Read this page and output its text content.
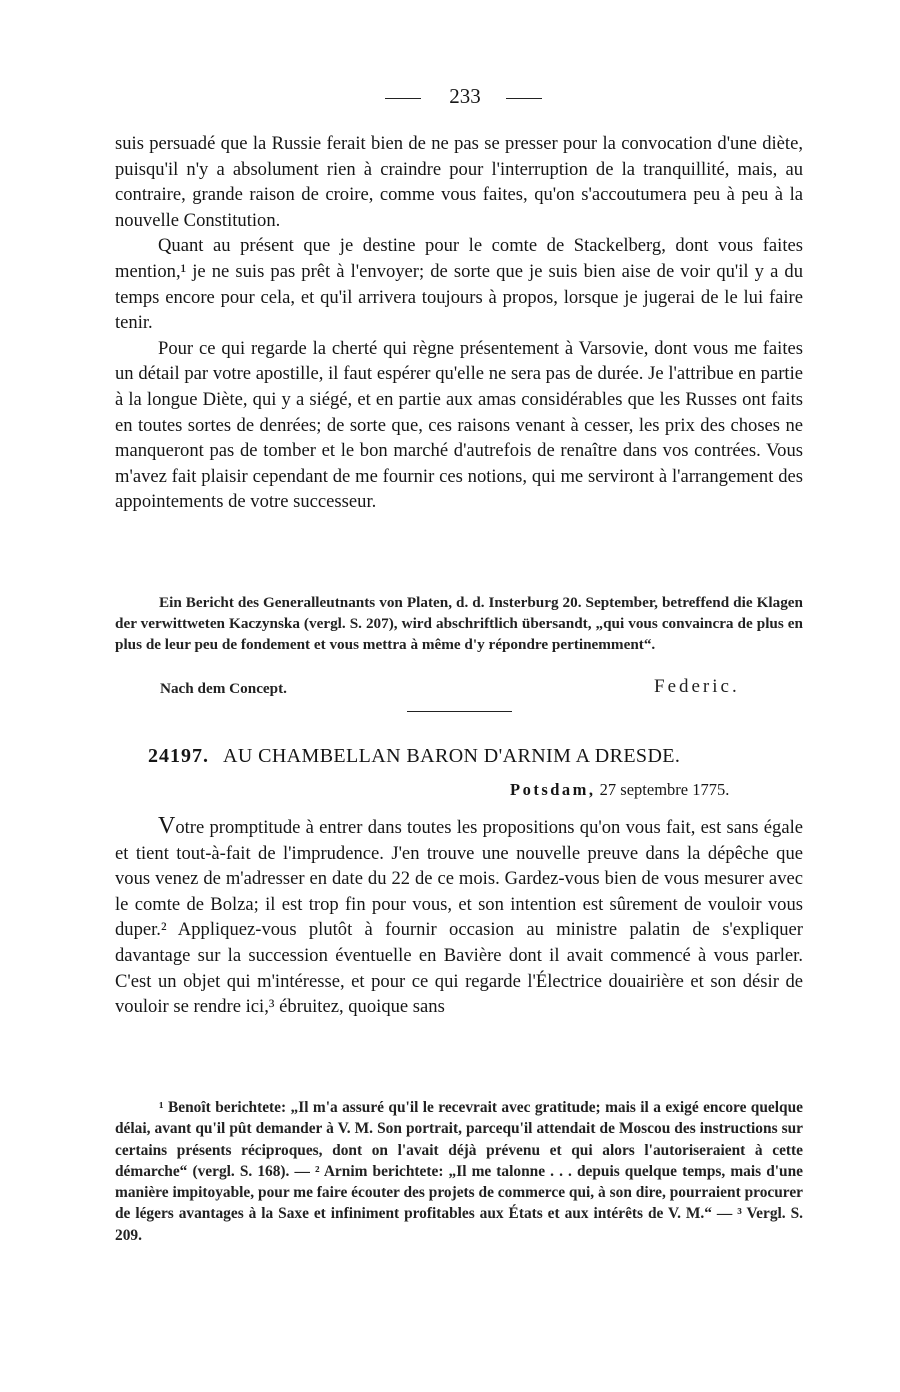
233

suis persuadé que la Russie ferait bien de ne pas se presser pour la convocation d'une diète, puisqu'il n'y a absolument rien à craindre pour l'interruption de la tranquillité, mais, au contraire, grande raison de croire, comme vous faites, qu'on s'accoutumera peu à peu à la nouvelle Constitution.

Quant au présent que je destine pour le comte de Stackelberg, dont vous faites mention,¹ je ne suis pas prêt à l'envoyer; de sorte que je suis bien aise de voir qu'il y a du temps encore pour cela, et qu'il arrivera toujours à propos, lorsque je jugerai de le lui faire tenir.

Pour ce qui regarde la cherté qui règne présentement à Varsovie, dont vous me faites un détail par votre apostille, il faut espérer qu'elle ne sera pas de durée. Je l'attribue en partie à la longue Diète, qui y a siégé, et en partie aux amas considérables que les Russes ont faits en toutes sortes de denrées; de sorte que, ces raisons venant à cesser, les prix des choses ne manqueront pas de tomber et le bon marché d'autrefois de renaître dans vos contrées. Vous m'avez fait plaisir cependant de me fournir ces notions, qui me serviront à l'arrangement des appointements de votre successeur.

Ein Bericht des Generalleutnants von Platen, d. d. Insterburg 20. September, betreffend die Klagen der verwittweten Kaczynska (vergl. S. 207), wird abschriftlich übersandt, „qui vous convaincra de plus en plus de leur peu de fondement et vous mettra à même d'y répondre pertinemment“.
Nach dem Concept.	Federic.
24197. AU CHAMBELLAN BARON D'ARNIM A DRESDE.
Potsdam, 27 septembre 1775.

Votre promptitude à entrer dans toutes les propositions qu'on vous fait, est sans égale et tient tout-à-fait de l'imprudence. J'en trouve une nouvelle preuve dans la dépêche que vous venez de m'adresser en date du 22 de ce mois. Gardez-vous bien de vous mesurer avec le comte de Bolza; il est trop fin pour vous, et son intention est sûrement de vouloir vous duper.² Appliquez-vous plutôt à fournir occasion au ministre palatin de s'expliquer davantage sur la succession éventuelle en Bavière dont il avait commencé à vous parler. C'est un objet qui m'intéresse, et pour ce qui regarde l'Électrice douairière et son désir de vouloir se rendre ici,³ ébruitez, quoique sans

¹ Benoît berichtete: „Il m'a assuré qu'il le recevrait avec gratitude; mais il a exigé encore quelque délai, avant qu'il pût demander à V. M. Son portrait, parcequ'il attendait de Moscou des instructions sur certains présents réciproques, dont on l'avait déjà prévenu et qui alors l'autoriseraient à cette démarche“ (vergl. S. 168). — ² Arnim berichtete: „Il me talonne . . . depuis quelque temps, mais d'une manière impitoyable, pour me faire écouter des projets de commerce qui, à son dire, pourraient procurer de légers avantages à la Saxe et infiniment profitables aux États et aux intérêts de V. M.“ — ³ Vergl. S. 209.
